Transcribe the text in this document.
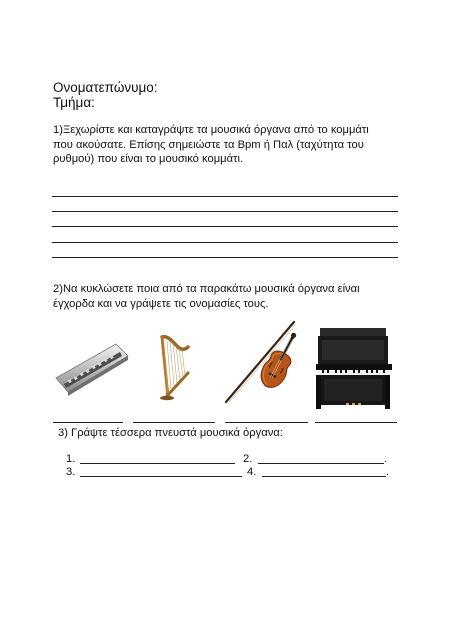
Ονοματεπώνυμο:
Τμήμα:
1)Ξεχωρίστε και καταγράψτε τα μουσικά όργανα από το κομμάτι
που ακούσατε. Επίσης σημειώστε τα Bpm ή Παλ (ταχύτητα του
ρυθμού) που είναι το μουσικό κομμάτι.
2)Να κυκλώσετε ποια από τα παρακάτω μουσικά όργανα είναι
έγχορδα και να γράψετε τις ονομασίες τους.
3) Γράψτε τέσσερα πνευστά μουσικά όργανα:
1.	2.	.
3.	4.	.
